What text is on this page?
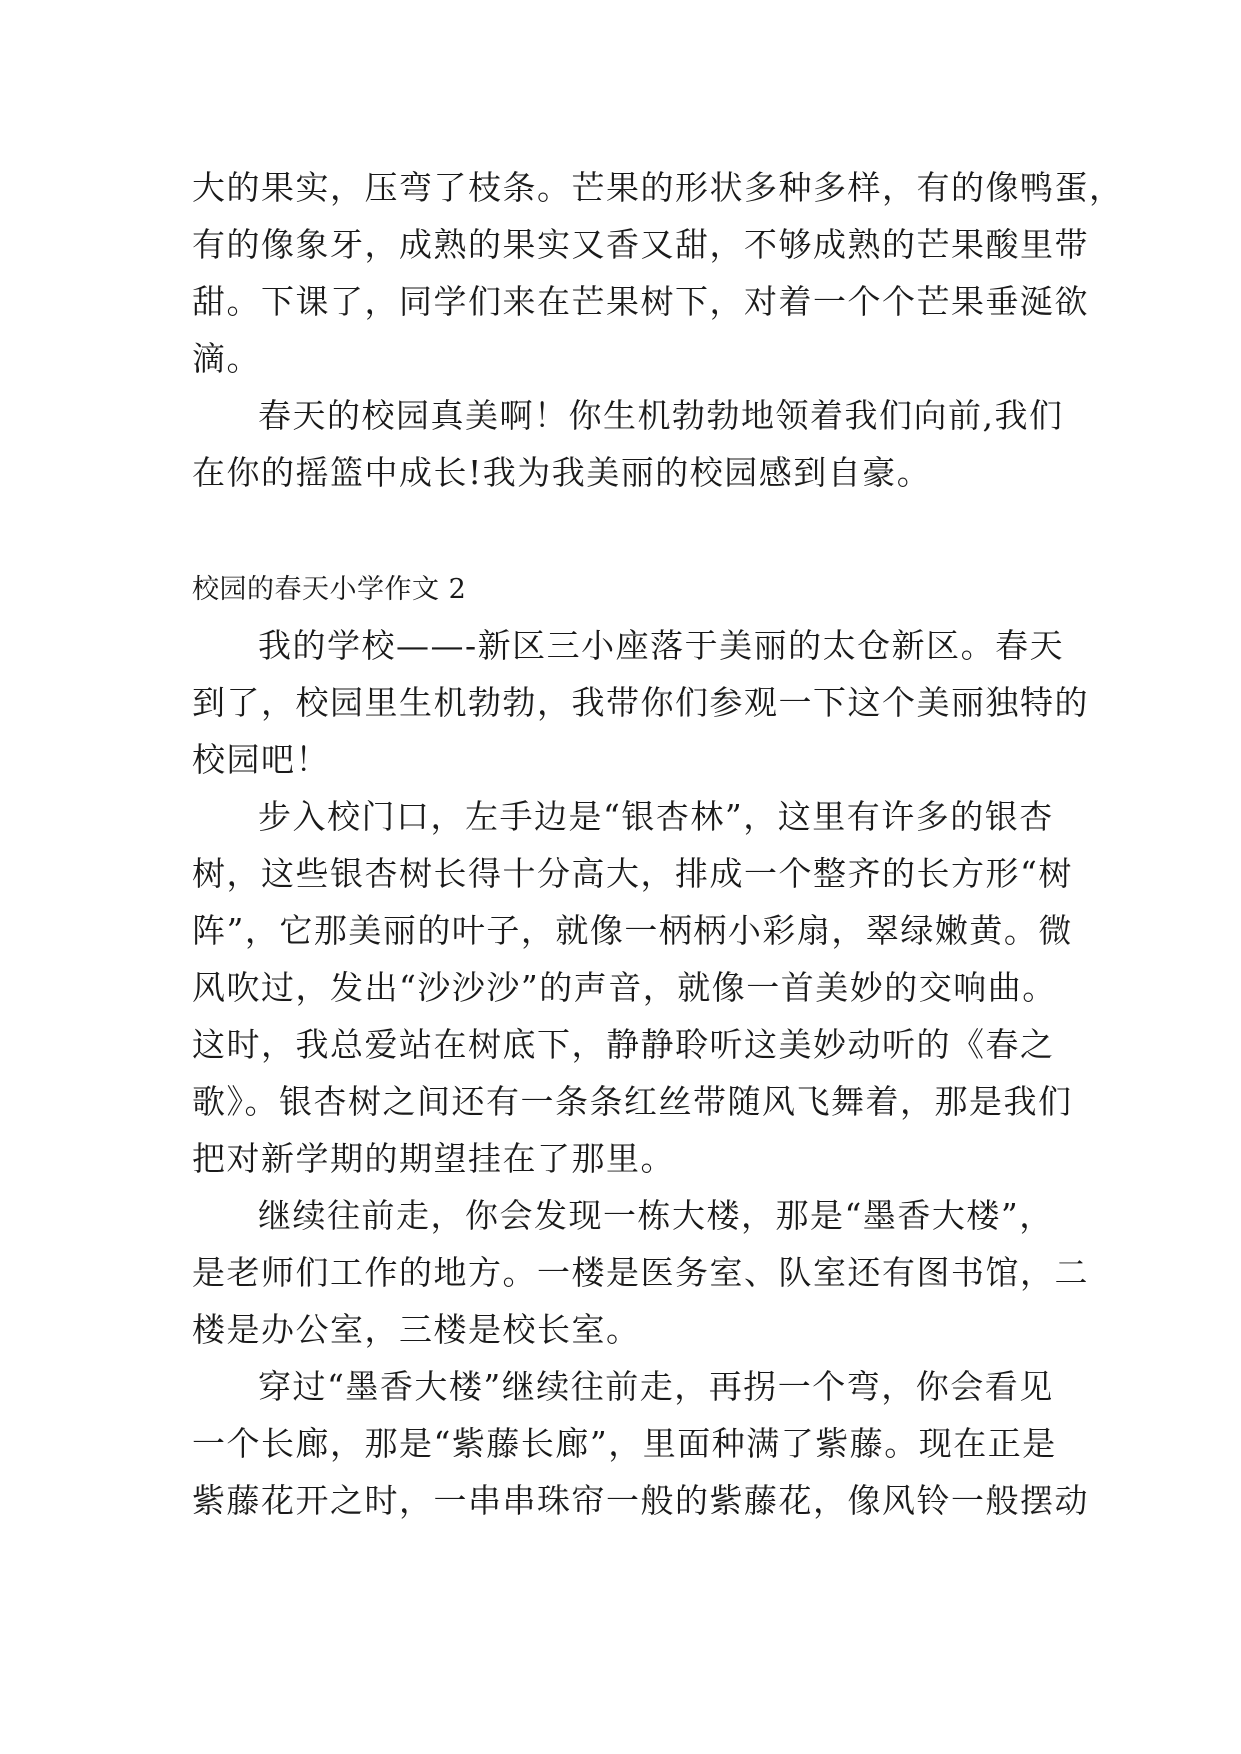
大的果实，压弯了枝条。芒果的形状多种多样，有的像鸭蛋，
有的像象牙，成熟的果实又香又甜，不够成熟的芒果酸里带
甜。下课了，同学们来在芒果树下，对着一个个芒果垂涎欲
滴。
春天的校园真美啊！你生机勃勃地领着我们向前,我们
在你的摇篮中成长!我为我美丽的校园感到自豪。
校园的春天小学作文 2
我的学校——-新区三小座落于美丽的太仓新区。春天
到了，校园里生机勃勃，我带你们参观一下这个美丽独特的
校园吧！
步入校门口，左手边是“银杏林”，这里有许多的银杏
树，这些银杏树长得十分高大，排成一个整齐的长方形“树
阵”，它那美丽的叶子，就像一柄柄小彩扇，翠绿嫩黄。微
风吹过，发出“沙沙沙”的声音，就像一首美妙的交响曲。
这时，我总爱站在树底下，静静聆听这美妙动听的《春之
歌》。银杏树之间还有一条条红丝带随风飞舞着，那是我们
把对新学期的期望挂在了那里。
继续往前走，你会发现一栋大楼，那是“墨香大楼”，
是老师们工作的地方。一楼是医务室、队室还有图书馆，二
楼是办公室，三楼是校长室。
穿过“墨香大楼”继续往前走，再拐一个弯，你会看见
一个长廊，那是“紫藤长廊”，里面种满了紫藤。现在正是
紫藤花开之时，一串串珠帘一般的紫藤花，像风铃一般摆动
